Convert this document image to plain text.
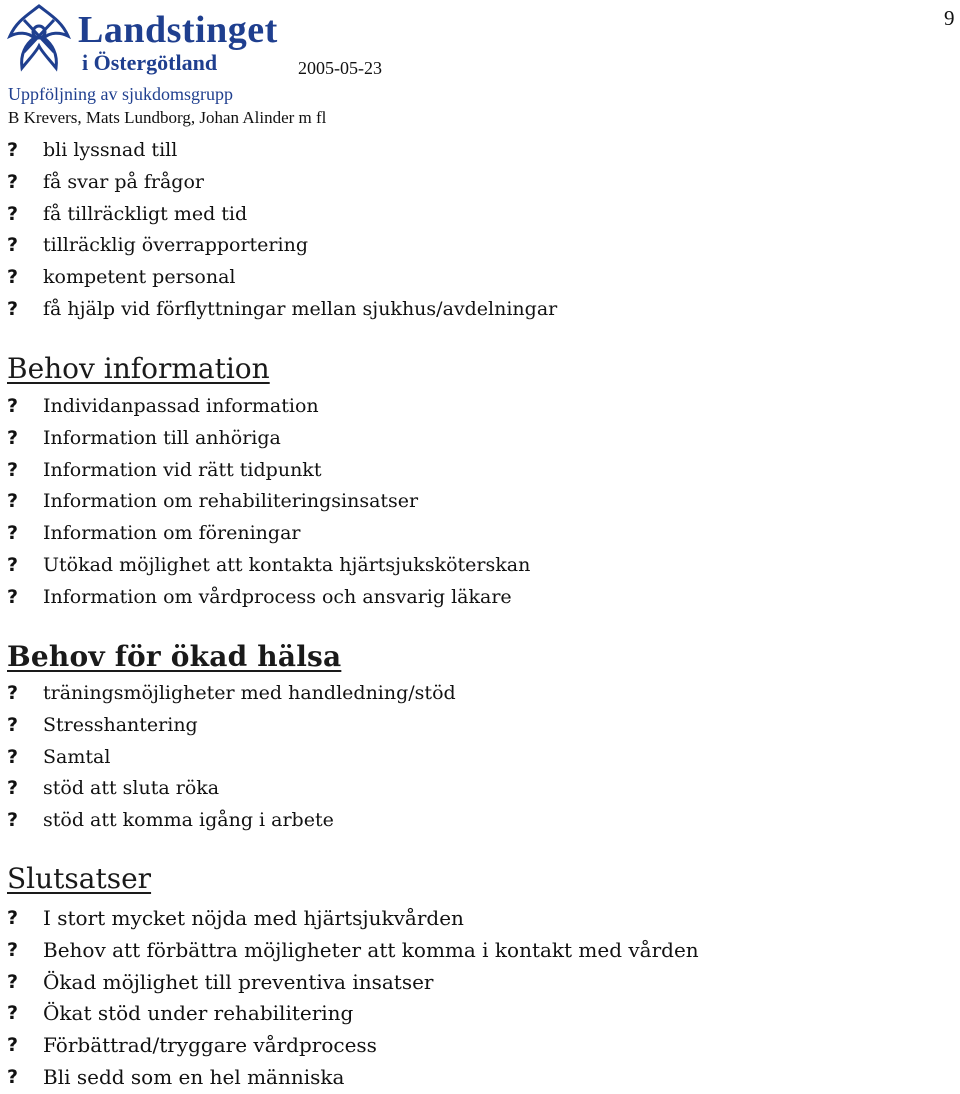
Landstinget
i Östergötland	2005-05-23
9
Uppföljning av sjukdomsgrupp
B Krevers, Mats Lundborg, Johan Alinder m fl
? bli lyssnad till
? få svar på frågor
? få tillräckligt med tid
? tillräcklig överrapportering
? kompetent personal
? få hjälp vid förflyttningar mellan sjukhus/avdelningar
Behov information
? Individanpassad information
? Information till anhöriga
? Information vid rätt tidpunkt
? Information om rehabiliteringsinsatser
? Information om föreningar
? Utökad möjlighet att kontakta hjärtsjuksköterskan
? Information om vårdprocess och ansvarig läkare
Behov för ökad hälsa
? träningsmöjligheter med handledning/stöd
? Stresshantering
? Samtal
? stöd att sluta röka
? stöd att komma igång i arbete
Slutsatser
? I stort mycket nöjda med hjärtsjukvården
? Behov att förbättra möjligheter att komma i kontakt med vården
? Ökad möjlighet till preventiva insatser
? Ökat stöd under rehabilitering
? Förbättrad/tryggare vårdprocess
? Bli sedd som en hel människa
